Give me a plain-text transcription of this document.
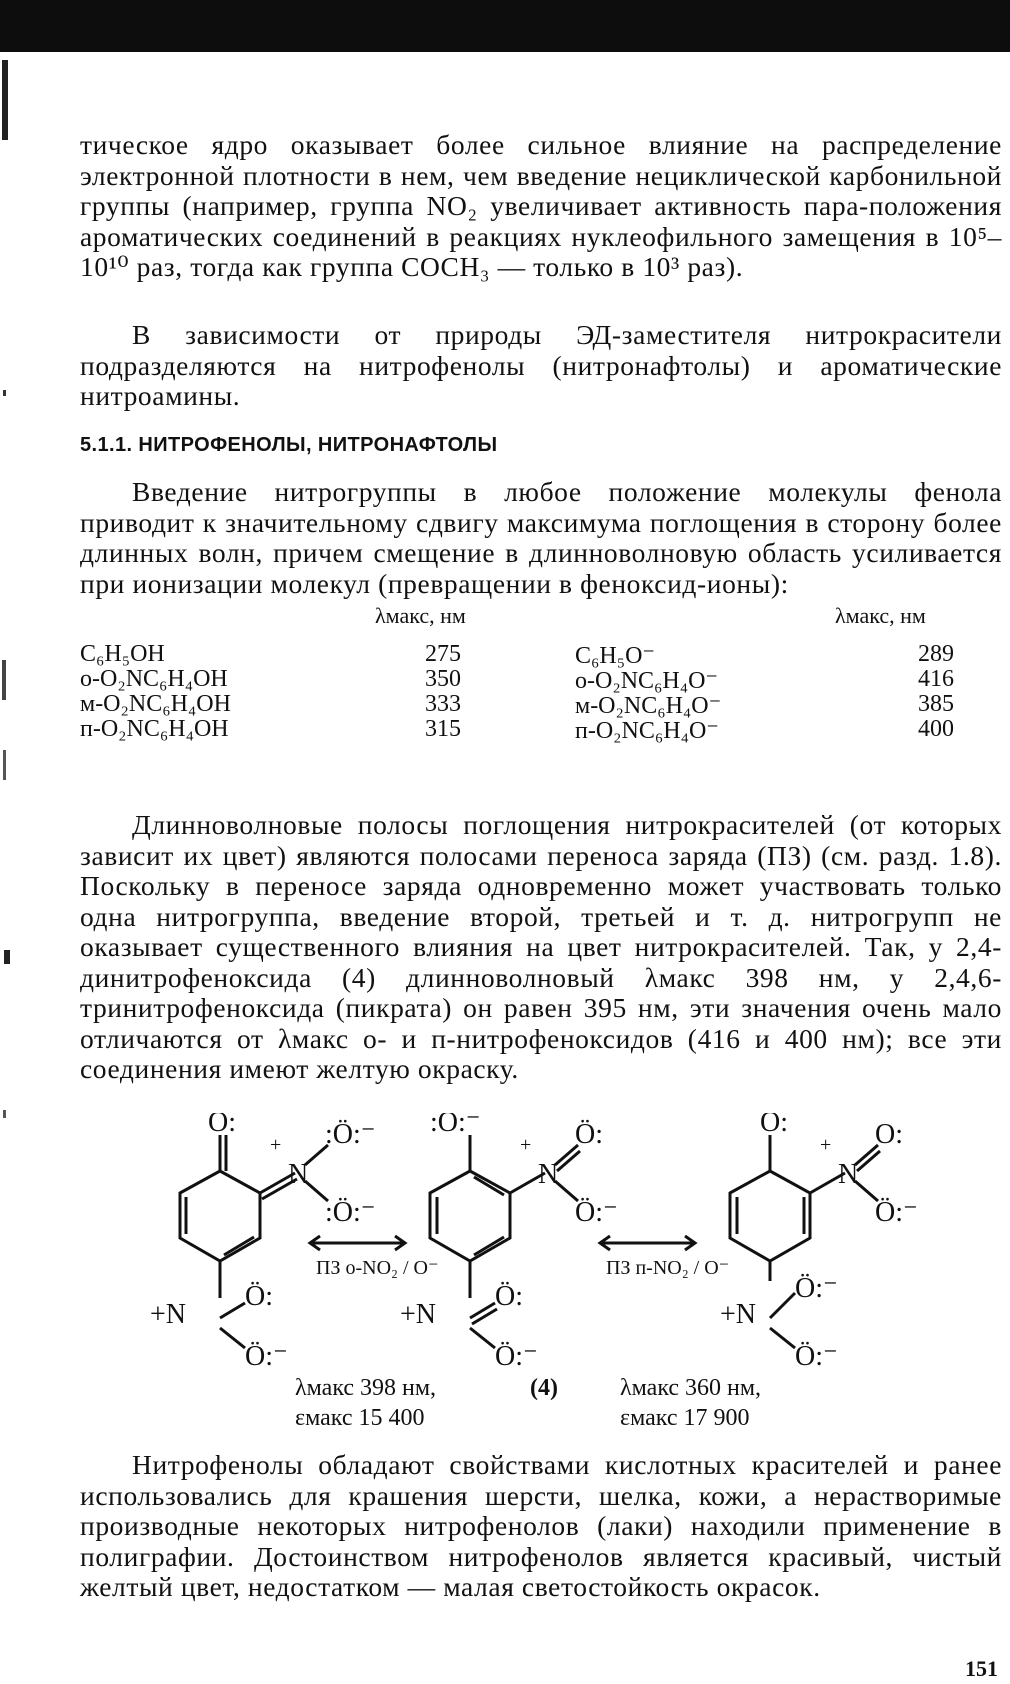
тическое ядро оказывает более сильное влияние на распределение электронной плотности в нем, чем введение нециклической карбонильной группы (например, группа NO₂ увеличивает активность пара-положения ароматических соединений в реакциях нуклеофильного замещения в 10⁵–10¹⁰ раз, тогда как группа COCH₃ — только в 10³ раз).

В зависимости от природы ЭД-заместителя нитрокрасители подразделяются на нитрофенолы (нитронафтолы) и ароматические нитроамины.

5.1.1. НИТРОФЕНОЛЫ, НИТРОНАФТОЛЫ

Введение нитрогруппы в любое положение молекулы фенола приводит к значительному сдвигу максимума поглощения в сторону более длинных волн, причем смещение в длинноволновую область усиливается при ионизации молекул (превращении в феноксид-ионы):

λмакс, нм	λмакс, нм
C₆H₅OH	275	C₆H₅O⁻	289
о-O₂NC₆H₄OH	350	о-O₂NC₆H₄O⁻	416
м-O₂NC₆H₄OH	333	м-O₂NC₆H₄O⁻	385
п-O₂NC₆H₄OH	315	п-O₂NC₆H₄O⁻	400

Длинноволновые полосы поглощения нитрокрасителей (от которых зависит их цвет) являются полосами переноса заряда (ПЗ) (см. разд. 1.8). Поскольку в переносе заряда одновременно может участвовать только одна нитрогруппа, введение второй, третьей и т. д. нитрогрупп не оказывает существенного влияния на цвет нитрокрасителей. Так, у 2,4-динитрофеноксида (4) длинноволновый λмакс 398 нм, у 2,4,6-тринитрофеноксида (пикрата) он равен 395 нм, эти значения очень мало отличаются от λмакс о- и п-нитрофеноксидов (416 и 400 нм); все эти соединения имеют желтую окраску.

O:
N
+ :Ö:⁻
:Ö:⁻
+N
Ö:
Ö:⁻
:Ö:⁻
N
+ Ö:
Ö:⁻
+N
Ö:
Ö:⁻
O:
N
+ O:
Ö:⁻
+N
Ö:⁻
Ö:⁻
ПЗ о-NO₂ / O⁻	ПЗ п-NO₂ / O⁻
λмакс 398 нм,
εмакс 15 400
(4)	λмакс 360 нм,
εмакс 17 900

Нитрофенолы обладают свойствами кислотных красителей и ранее использовались для крашения шерсти, шелка, кожи, а нерастворимые производные некоторых нитрофенолов (лаки) находили применение в полиграфии. Достоинством нитрофенолов является красивый, чистый желтый цвет, недостатком — малая светостойкость окрасок.

151
